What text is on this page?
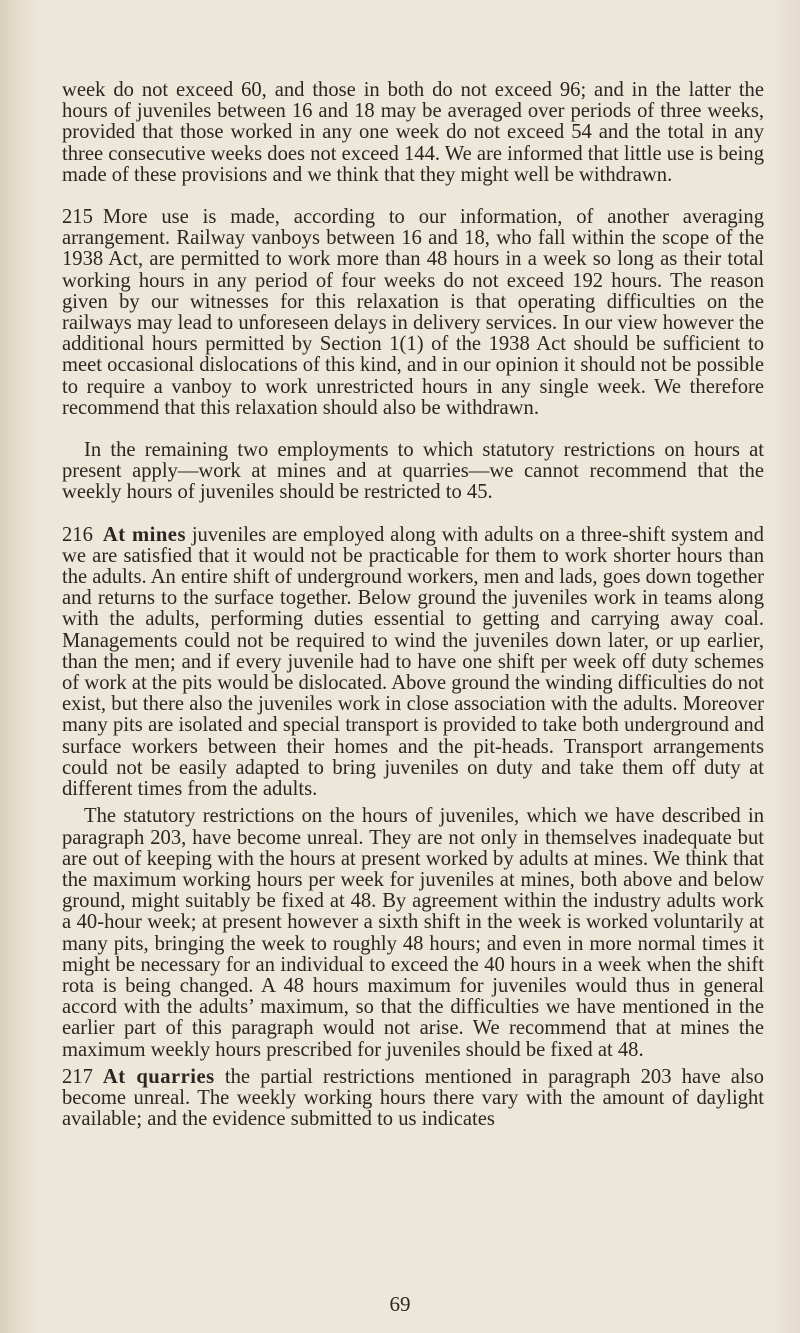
week do not exceed 60, and those in both do not exceed 96; and in the latter the hours of juveniles between 16 and 18 may be averaged over periods of three weeks, provided that those worked in any one week do not exceed 54 and the total in any three consecutive weeks does not exceed 144. We are informed that little use is being made of these provisions and we think that they might well be withdrawn.

215 More use is made, according to our information, of another averaging arrangement. Railway vanboys between 16 and 18, who fall within the scope of the 1938 Act, are permitted to work more than 48 hours in a week so long as their total working hours in any period of four weeks do not exceed 192 hours. The reason given by our witnesses for this relaxation is that operating difficulties on the railways may lead to unforeseen delays in delivery services. In our view however the additional hours permitted by Section 1(1) of the 1938 Act should be sufficient to meet occasional dislocations of this kind, and in our opinion it should not be possible to require a vanboy to work unrestricted hours in any single week. We therefore recommend that this relaxation should also be withdrawn.

In the remaining two employments to which statutory restrictions on hours at present apply—work at mines and at quarries—we cannot recommend that the weekly hours of juveniles should be restricted to 45.

216 At mines juveniles are employed along with adults on a three-shift system and we are satisfied that it would not be practicable for them to work shorter hours than the adults. An entire shift of underground workers, men and lads, goes down together and returns to the surface together. Below ground the juveniles work in teams along with the adults, performing duties essential to getting and carrying away coal. Managements could not be required to wind the juveniles down later, or up earlier, than the men; and if every juvenile had to have one shift per week off duty schemes of work at the pits would be dislocated. Above ground the winding difficulties do not exist, but there also the juveniles work in close association with the adults. Moreover many pits are isolated and special transport is provided to take both underground and surface workers between their homes and the pit-heads. Transport arrangements could not be easily adapted to bring juveniles on duty and take them off duty at different times from the adults.

The statutory restrictions on the hours of juveniles, which we have described in paragraph 203, have become unreal. They are not only in themselves inadequate but are out of keeping with the hours at present worked by adults at mines. We think that the maximum working hours per week for juveniles at mines, both above and below ground, might suitably be fixed at 48. By agreement within the industry adults work a 40-hour week; at present however a sixth shift in the week is worked voluntarily at many pits, bringing the week to roughly 48 hours; and even in more normal times it might be necessary for an individual to exceed the 40 hours in a week when the shift rota is being changed. A 48 hours maximum for juveniles would thus in general accord with the adults’ maximum, so that the difficulties we have mentioned in the earlier part of this paragraph would not arise. We recommend that at mines the maximum weekly hours prescribed for juveniles should be fixed at 48.

217 At quarries the partial restrictions mentioned in paragraph 203 have also become unreal. The weekly working hours there vary with the amount of daylight available; and the evidence submitted to us indicates

69
